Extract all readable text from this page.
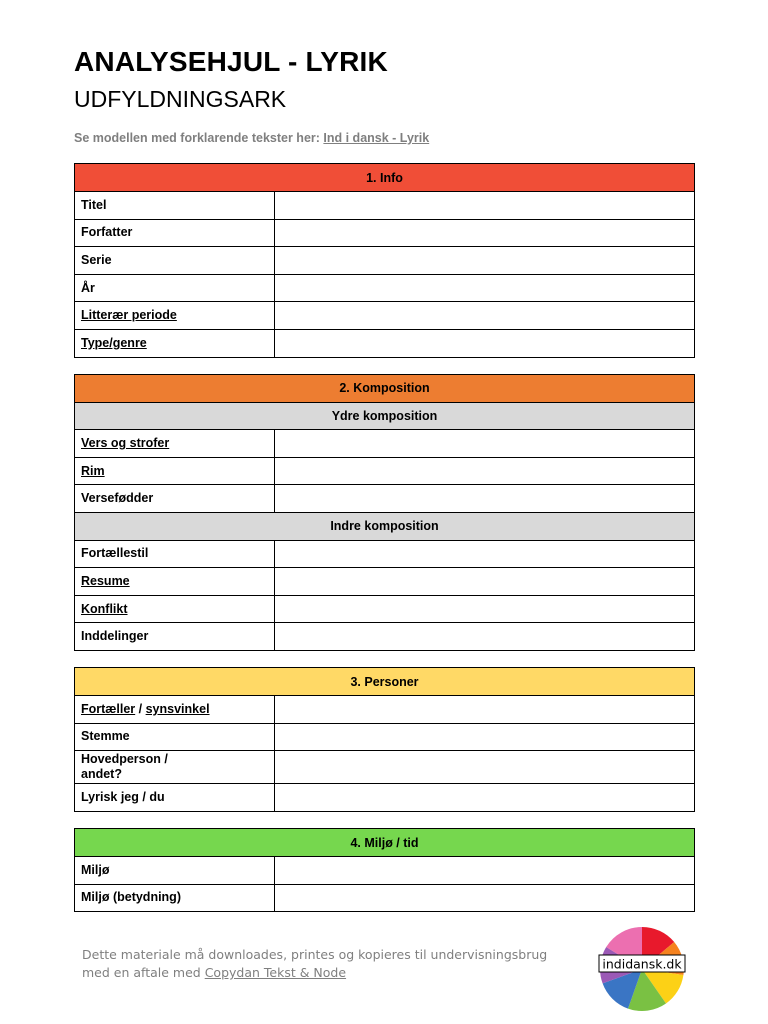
ANALYSEHJUL - LYRIK
UDFYLDNINGSARK
Se modellen med forklarende tekster her: Ind i dansk - Lyrik
1. Info	
Titel	
Forfatter	
Serie	
År	
Litterær periode	
Type/genre	
2. Komposition	
Ydre komposition	
Vers og strofer	
Rim	
Versefødder	
Indre komposition	
Fortællestil	
Resume	
Konflikt	
Inddelinger	
3. Personer	
Fortæller / synsvinkel	
Stemme	

Hovedperson /
andet?	

Lyrisk jeg / du	
4. Miljø / tid	
Miljø	
Miljø (betydning)	
Dette materiale må downloades, printes og kopieres til undervisningsbrug
med en aftale med Copydan Tekst & Node
indidansk.dk
